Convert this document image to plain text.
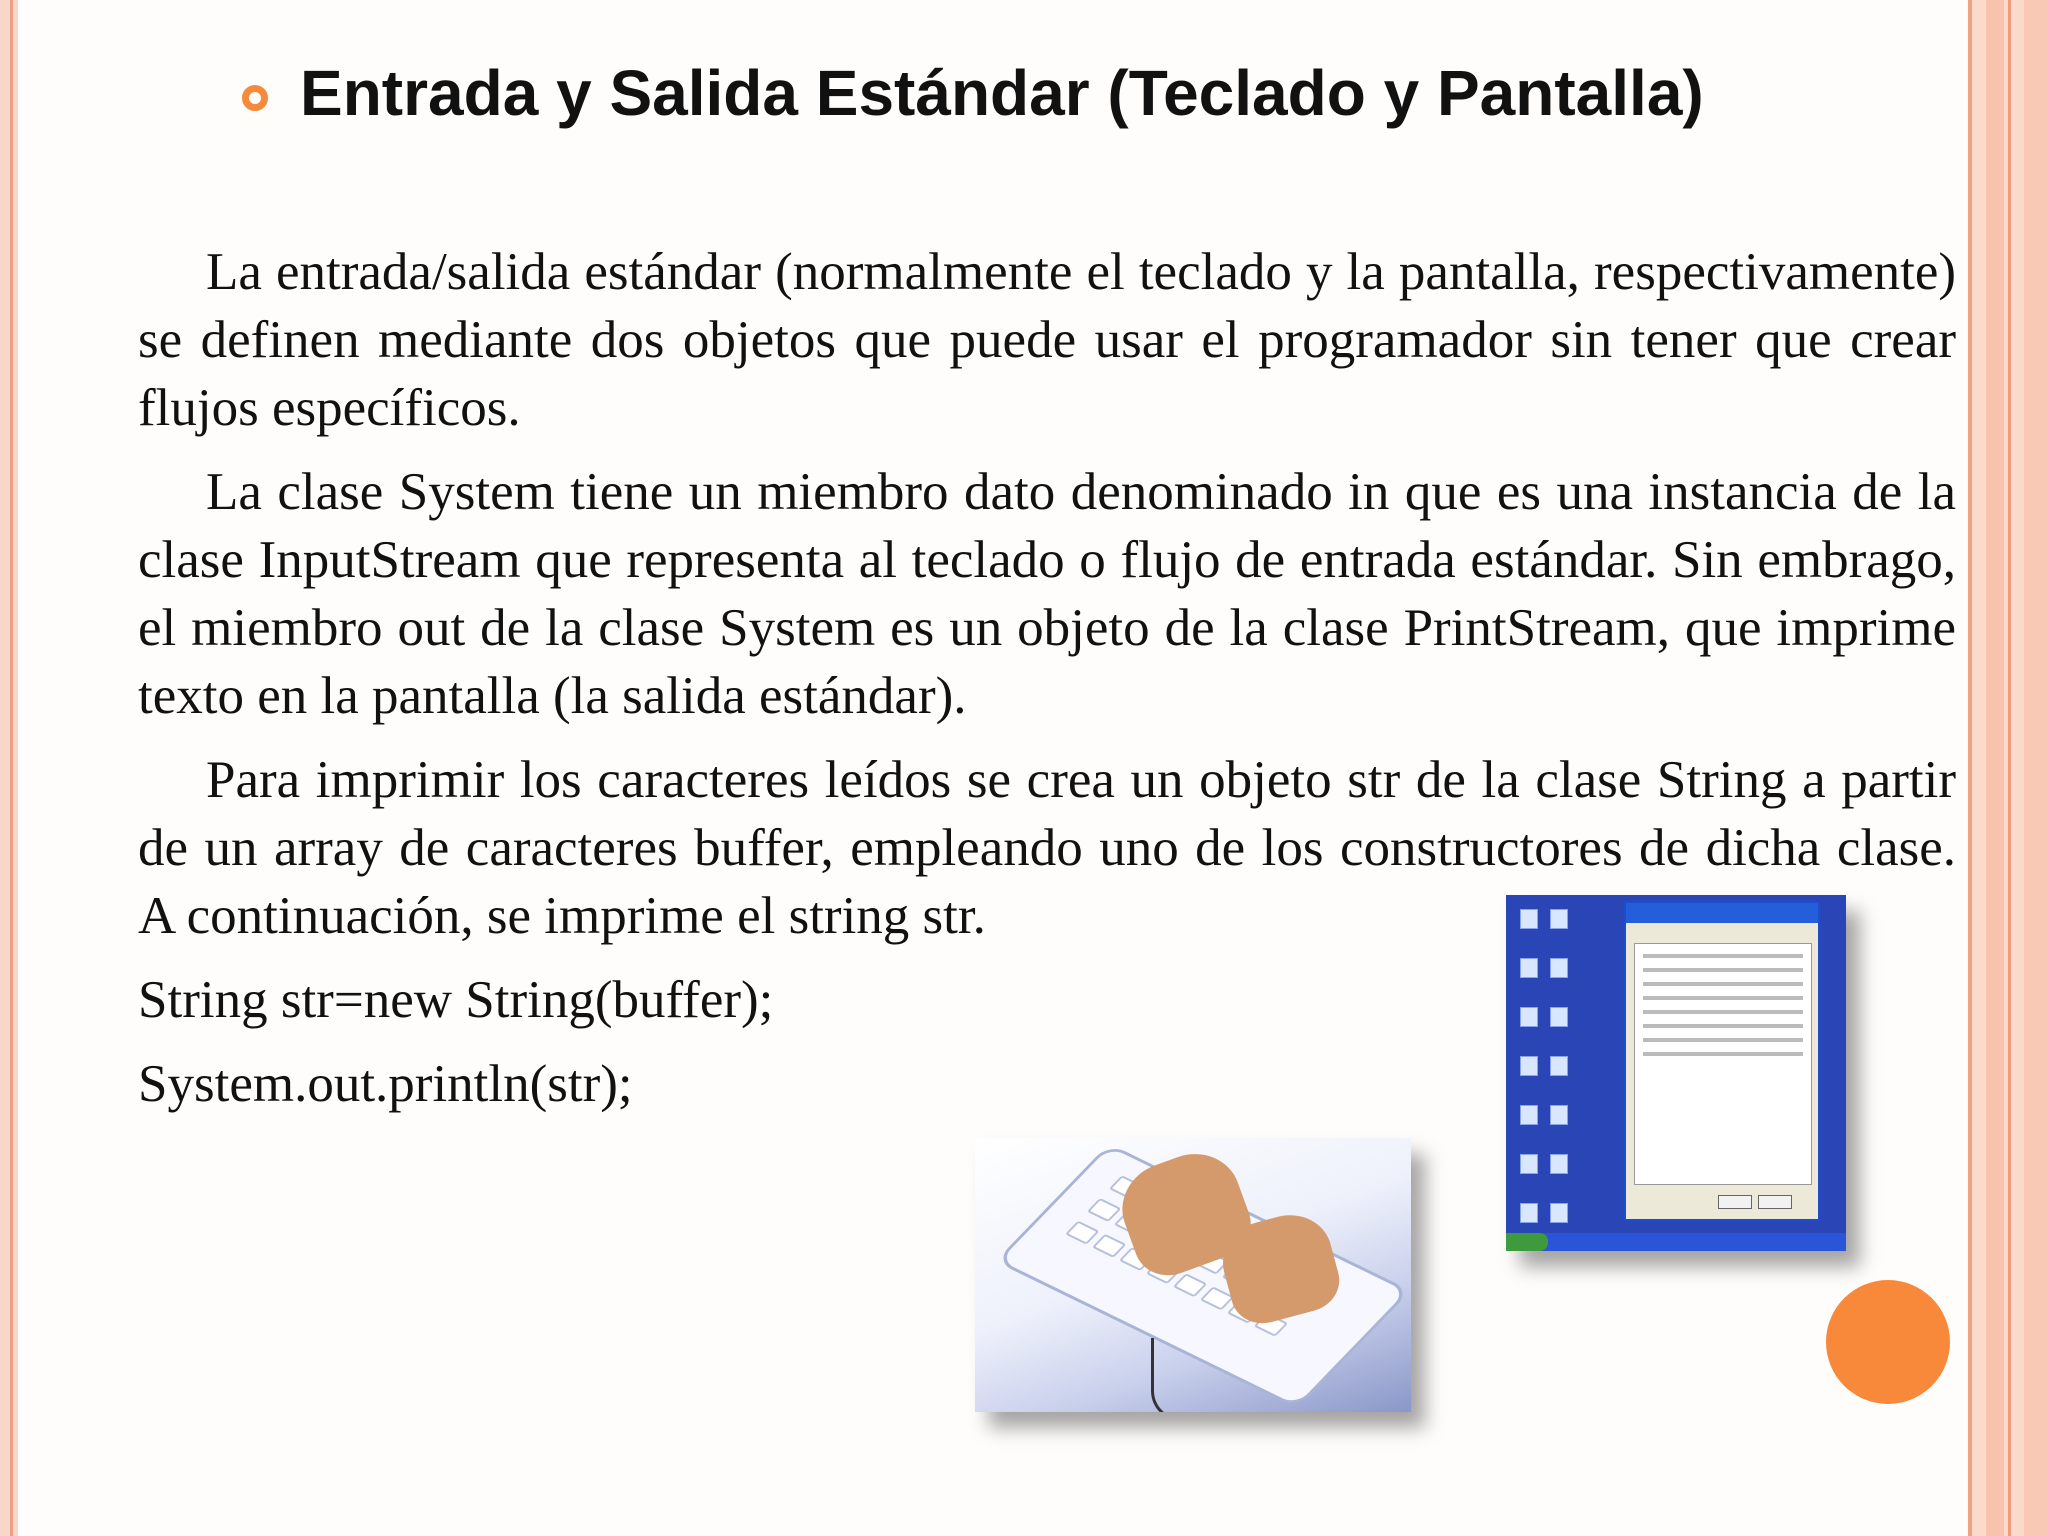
Entrada y Salida Estándar (Teclado y Pantalla)

La entrada/salida estándar (normalmente el teclado y la pantalla, respectivamente) se definen mediante dos objetos que puede usar el programador sin tener que crear flujos específicos.

La clase System tiene un miembro dato denominado in que es una instancia de la clase InputStream que representa al teclado o flujo de entrada estándar. Sin embrago, el miembro out de la clase System es un objeto de la clase PrintStream, que imprime texto en la pantalla (la salida estándar).

Para imprimir los caracteres leídos se crea un objeto str de la clase String a partir de un array de caracteres buffer, empleando uno de los constructores de dicha clase. A continuación, se imprime el string str.

String str=new String(buffer);

System.out.println(str);
